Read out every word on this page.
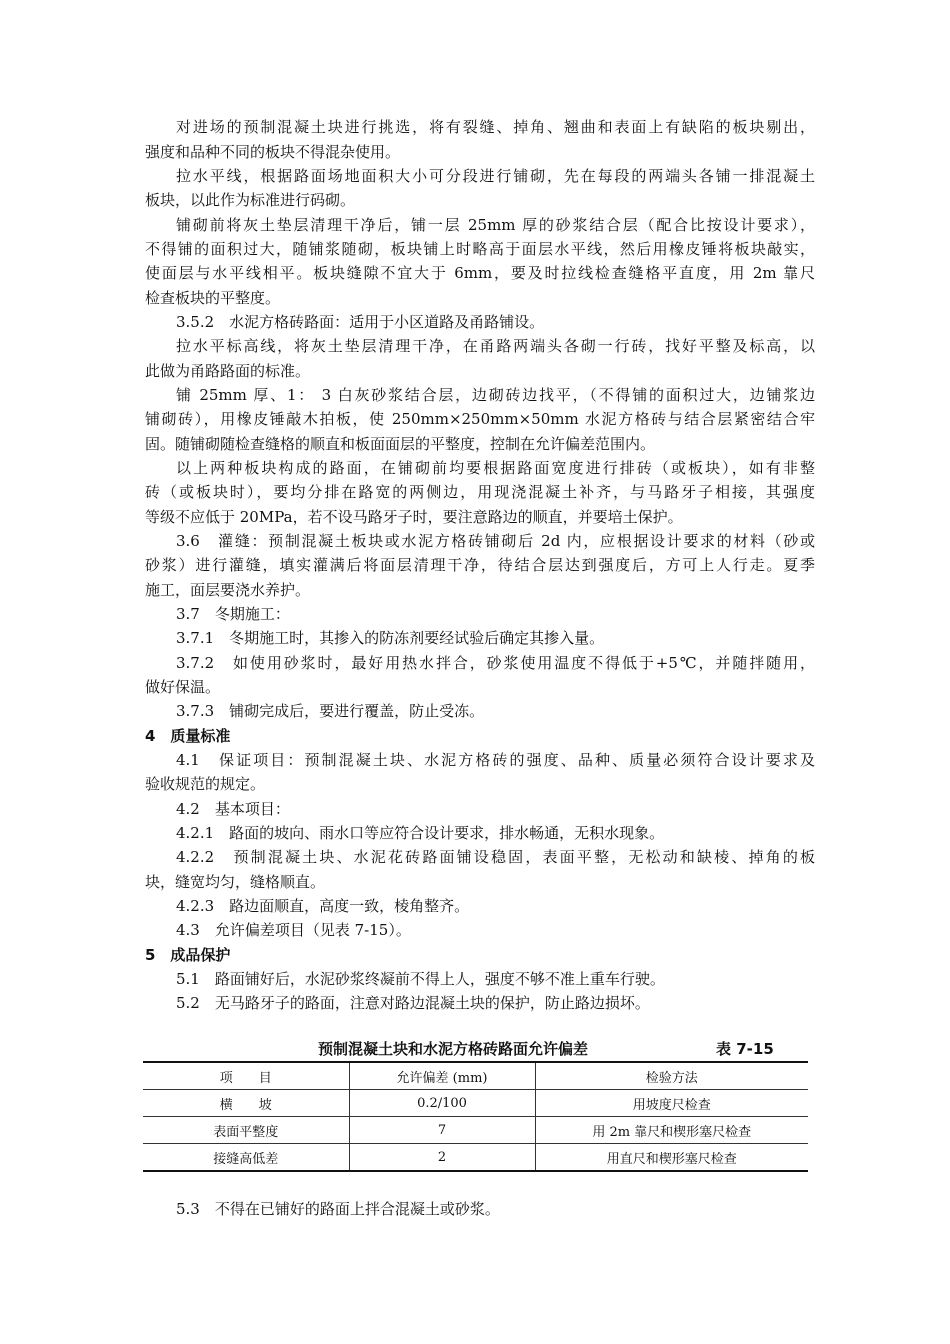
对进场的预制混凝土块进行挑选，将有裂缝、掉角、翘曲和表面上有缺陷的板块剔出，
强度和品种不同的板块不得混杂使用。
拉水平线，根据路面场地面积大小可分段进行铺砌，先在每段的两端头各铺一排混凝土
板块，以此作为标准进行码砌。
铺砌前将灰土垫层清理干净后，铺一层 25mm 厚的砂浆结合层（配合比按设计要求），
不得铺的面积过大，随铺浆随砌，板块铺上时略高于面层水平线，然后用橡皮锤将板块敲实，
使面层与水平线相平。板块缝隙不宜大于 6mm，要及时拉线检查缝格平直度，用 2m 靠尺
检查板块的平整度。
3.5.2　水泥方格砖路面：适用于小区道路及甬路铺设。
拉水平标高线，将灰土垫层清理干净，在甬路两端头各砌一行砖，找好平整及标高，以
此做为甬路路面的标准。
铺 25mm 厚、1： 3 白灰砂浆结合层，边砌砖边找平，（不得铺的面积过大，边铺浆边
铺砌砖），用橡皮锤敲木拍板，使 250mm×250mm×50mm 水泥方格砖与结合层紧密结合牢
固。随铺砌随检查缝格的顺直和板面面层的平整度，控制在允许偏差范围内。
以上两种板块构成的路面，在铺砌前均要根据路面宽度进行排砖（或板块），如有非整
砖（或板块时），要均分排在路宽的两侧边，用现浇混凝土补齐，与马路牙子相接，其强度
等级不应低于 20MPa，若不设马路牙子时，要注意路边的顺直，并要培土保护。
3.6　灌缝：预制混凝土板块或水泥方格砖铺砌后 2d 内，应根据设计要求的材料（砂或
砂浆）进行灌缝，填实灌满后将面层清理干净，待结合层达到强度后，方可上人行走。夏季
施工，面层要浇水养护。
3.7　冬期施工：
3.7.1　冬期施工时，其掺入的防冻剂要经试验后确定其掺入量。
3.7.2　如使用砂浆时，最好用热水拌合，砂浆使用温度不得低于+5℃，并随拌随用，
做好保温。
3.7.3　铺砌完成后，要进行覆盖，防止受冻。
4　质量标准
4.1　保证项目：预制混凝土块、水泥方格砖的强度、品种、质量必须符合设计要求及
验收规范的规定。
4.2　基本项目：
4.2.1　路面的坡向、雨水口等应符合设计要求，排水畅通，无积水现象。
4.2.2　预制混凝土块、水泥花砖路面铺设稳固，表面平整，无松动和缺棱、掉角的板
块，缝宽均匀，缝格顺直。
4.2.3　路边面顺直，高度一致，棱角整齐。
4.3　允许偏差项目（见表 7-15）。
5　成品保护
5.1　路面铺好后，水泥砂浆终凝前不得上人，强度不够不准上重车行驶。
5.2　无马路牙子的路面，注意对路边混凝土块的保护，防止路边损坏。
预制混凝土块和水泥方格砖路面允许偏差	表 7-15
项　　目	允许偏差 (mm)	检验方法
横　　坡	0.2/100	用坡度尺检查
表面平整度	7	用 2m 靠尺和楔形塞尺检查
接缝高低差	2	用直尺和楔形塞尺检查
5.3　不得在已铺好的路面上拌合混凝土或砂浆。
